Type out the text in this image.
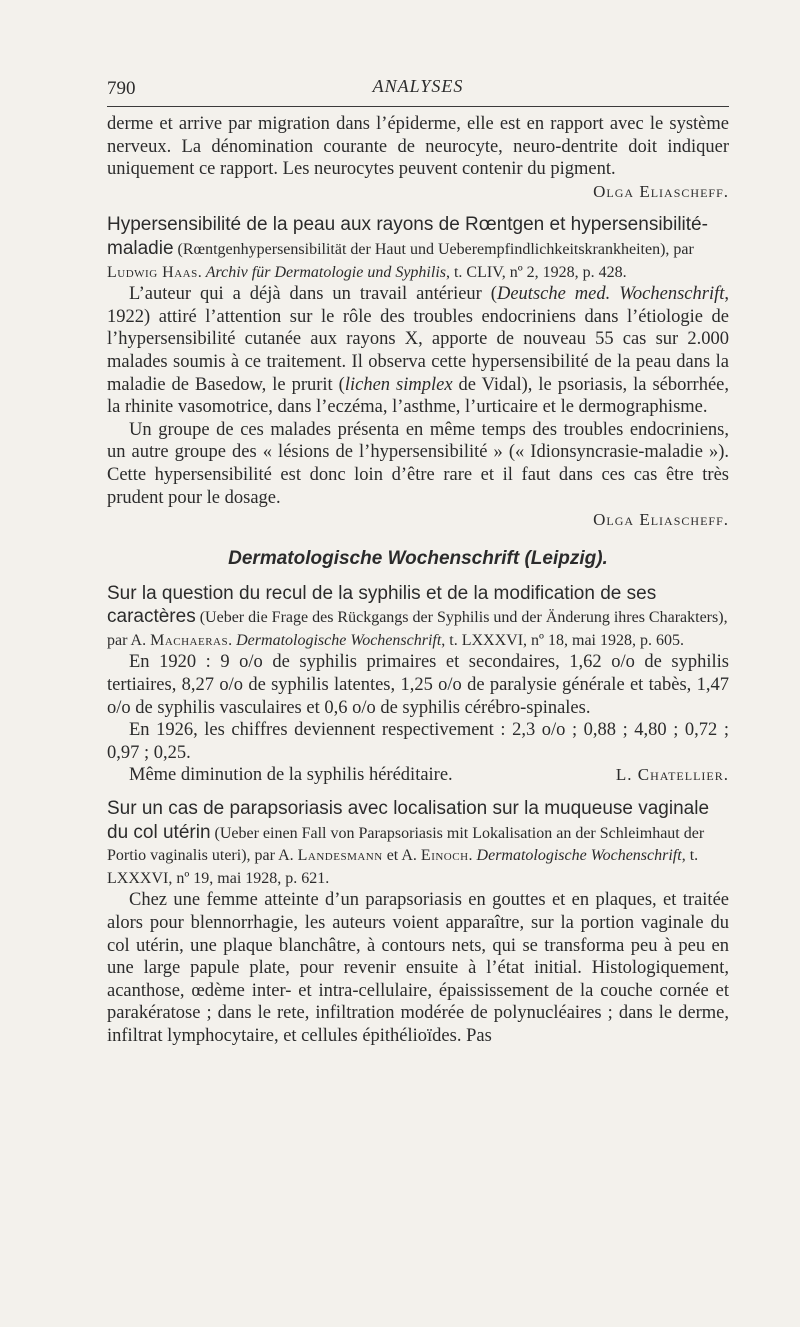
790	ANALYSES

derme et arrive par migration dans l’épiderme, elle est en rapport avec le système nerveux. La dénomination courante de neurocyte, neuro-dentrite doit indiquer uniquement ce rapport. Les neurocytes peuvent contenir du pigment.
Olga Eliascheff.

Hypersensibilité de la peau aux rayons de Rœntgen et hypersensibilité-maladie (Rœntgenhypersensibilität der Haut und Ueberempfindlichkeitskrankheiten), par Ludwig Haas. Archiv für Dermatologie und Syphilis, t. CLIV, nº 2, 1928, p. 428.

L’auteur qui a déjà dans un travail antérieur (Deutsche med. Wochenschrift, 1922) attiré l’attention sur le rôle des troubles endocriniens dans l’étiologie de l’hypersensibilité cutanée aux rayons X, apporte de nouveau 55 cas sur 2.000 malades soumis à ce traitement. Il observa cette hypersensibilité de la peau dans la maladie de Basedow, le prurit (lichen simplex de Vidal), le psoriasis, la séborrhée, la rhinite vasomotrice, dans l’eczéma, l’asthme, l’urticaire et le dermographisme.

Un groupe de ces malades présenta en même temps des troubles endocriniens, un autre groupe des « lésions de l’hypersensibilité » (« Idionsyncrasie-maladie »). Cette hypersensibilité est donc loin d’être rare et il faut dans ces cas être très prudent pour le dosage.

Olga Eliascheff.

Dermatologische Wochenschrift (Leipzig).

Sur la question du recul de la syphilis et de la modification de ses caractères (Ueber die Frage des Rückgangs der Syphilis und der Änderung ihres Charakters), par A. Machaeras. Dermatologische Wochenschrift, t. LXXXVI, nº 18, mai 1928, p. 605.

En 1920 : 9 o/o de syphilis primaires et secondaires, 1,62 o/o de syphilis tertiaires, 8,27 o/o de syphilis latentes, 1,25 o/o de paralysie générale et tabès, 1,47 o/o de syphilis vasculaires et 0,6 o/o de syphilis cérébro-spinales.

En 1926, les chiffres deviennent respectivement : 2,3 o/o ; 0,88 ; 4,80 ; 0,72 ; 0,97 ; 0,25.

Même diminution de la syphilis héréditaire.	L. Chatellier.

Sur un cas de parapsoriasis avec localisation sur la muqueuse vaginale du col utérin (Ueber einen Fall von Parapsoriasis mit Lokalisation an der Schleimhaut der Portio vaginalis uteri), par A. Landesmann et A. Einoch. Dermatologische Wochenschrift, t. LXXXVI, nº 19, mai 1928, p. 621.

Chez une femme atteinte d’un parapsoriasis en gouttes et en plaques, et traitée alors pour blennorrhagie, les auteurs voient apparaître, sur la portion vaginale du col utérin, une plaque blanchâtre, à contours nets, qui se transforma peu à peu en une large papule plate, pour revenir ensuite à l’état initial. Histologiquement, acanthose, œdème inter- et intra-cellulaire, épaississement de la couche cornée et parakératose ; dans le rete, infiltration modérée de polynucléaires ; dans le derme, infiltrat lymphocytaire, et cellules épithélioïdes. Pas
